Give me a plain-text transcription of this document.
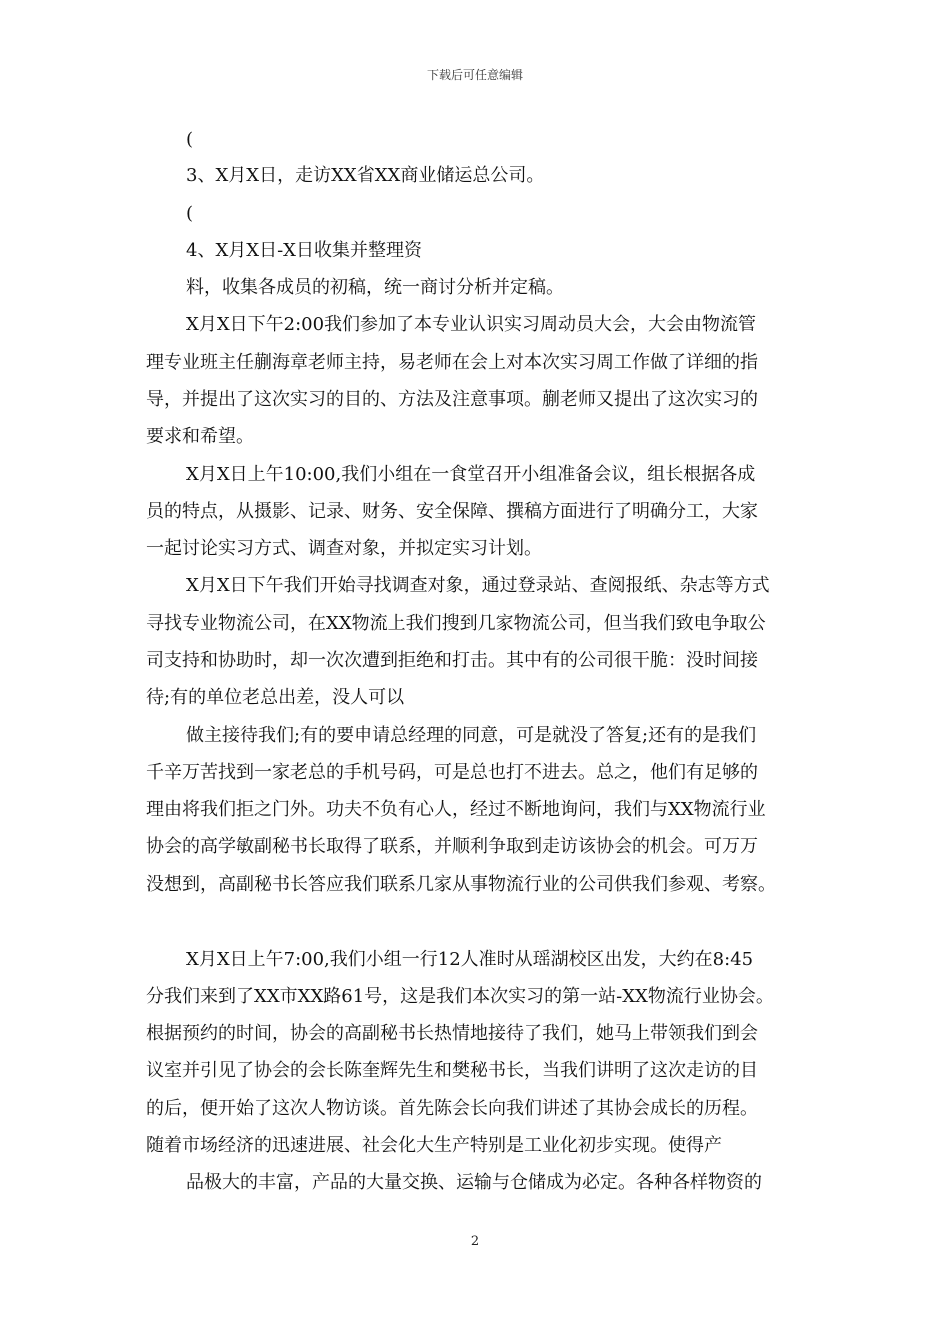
下载后可任意编辑
(
3、X月X日，走访XX省XX商业储运总公司。
(
4、X月X日-X日收集并整理资
料，收集各成员的初稿，统一商讨分析并定稿。
X月X日下午2:00我们参加了本专业认识实习周动员大会，大会由物流管
理专业班主任蒯海章老师主持，易老师在会上对本次实习周工作做了详细的指
导，并提出了这次实习的目的、方法及注意事项。蒯老师又提出了这次实习的
要求和希望。
X月X日上午10:00,我们小组在一食堂召开小组准备会议，组长根据各成
员的特点，从摄影、记录、财务、安全保障、撰稿方面进行了明确分工，大家
一起讨论实习方式、调查对象，并拟定实习计划。
X月X日下午我们开始寻找调查对象，通过登录站、查阅报纸、杂志等方式
寻找专业物流公司，在XX物流上我们搜到几家物流公司，但当我们致电争取公
司支持和协助时，却一次次遭到拒绝和打击。其中有的公司很干脆：没时间接
待;有的单位老总出差，没人可以
做主接待我们;有的要申请总经理的同意，可是就没了答复;还有的是我们
千辛万苦找到一家老总的手机号码，可是总也打不进去。总之，他们有足够的
理由将我们拒之门外。功夫不负有心人，经过不断地询问，我们与XX物流行业
协会的高学敏副秘书长取得了联系，并顺利争取到走访该协会的机会。可万万
没想到，高副秘书长答应我们联系几家从事物流行业的公司供我们参观、考察。
X月X日上午7:00,我们小组一行12人准时从瑶湖校区出发，大约在8:45
分我们来到了XX市XX路61号，这是我们本次实习的第一站-XX物流行业协会。
根据预约的时间，协会的高副秘书长热情地接待了我们，她马上带领我们到会
议室并引见了协会的会长陈奎辉先生和樊秘书长，当我们讲明了这次走访的目
的后，便开始了这次人物访谈。首先陈会长向我们讲述了其协会成长的历程。
随着市场经济的迅速进展、社会化大生产特别是工业化初步实现。使得产
品极大的丰富，产品的大量交换、运输与仓储成为必定。各种各样物资的
2
